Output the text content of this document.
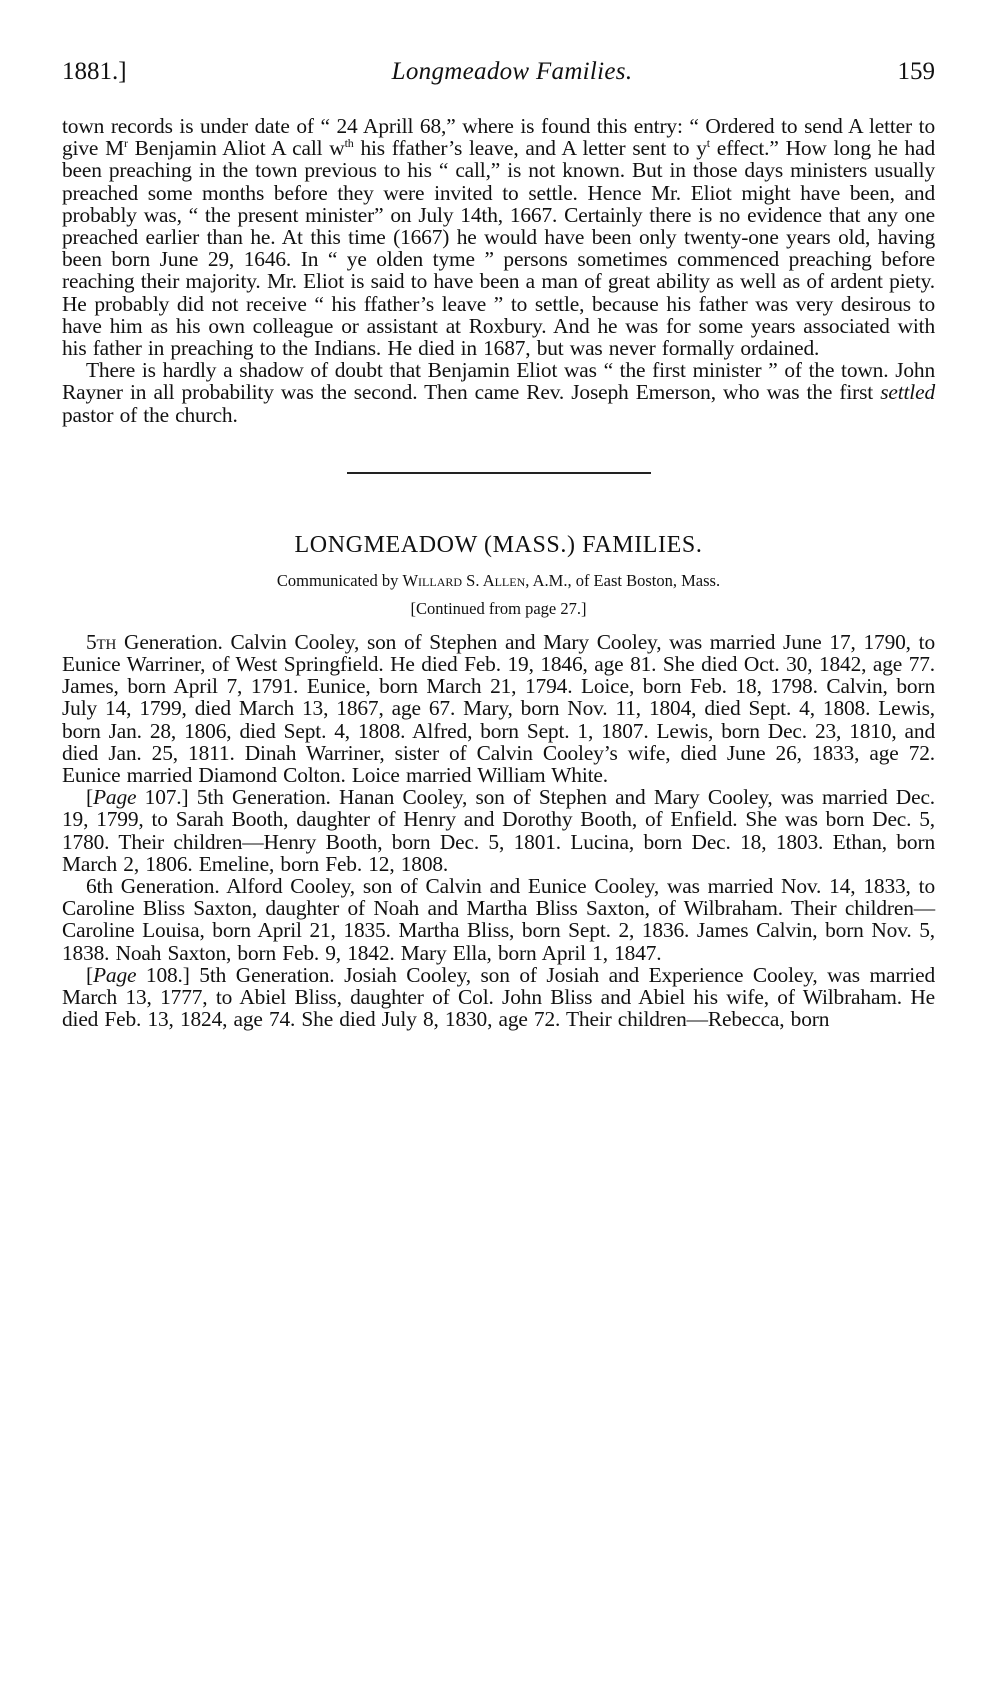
1881.]	Longmeadow Families.	159

town records is under date of “ 24 Aprill 68,” where is found this entry: “ Ordered to send A letter to give $M^r$ Benjamin Aliot A call $w^{th}$ his ffather’s leave, and A letter sent to $y^t$ effect.” How long he had been preaching in the town previous to his “ call,” is not known. But in those days ministers usually preached some months before they were invited to settle. Hence Mr. Eliot might have been, and probably was, “ the present minister” on July 14th, 1667. Certainly there is no evidence that any one preached earlier than he. At this time (1667) he would have been only twenty-one years old, having been born June 29, 1646. In “ ye olden tyme ” persons sometimes commenced preaching before reaching their majority. Mr. Eliot is said to have been a man of great ability as well as of ardent piety. He probably did not receive “ his ffather’s leave ” to settle, because his father was very desirous to have him as his own colleague or assistant at Roxbury. And he was for some years associated with his father in preaching to the Indians. He died in 1687, but was never formally ordained.

There is hardly a shadow of doubt that Benjamin Eliot was “ the first minister ” of the town. John Rayner in all probability was the second. Then came Rev. Joseph Emerson, who was the first settled pastor of the church.

LONGMEADOW (MASS.) FAMILIES.
Communicated by Willard S. Allen, A.M., of East Boston, Mass.
[Continued from page 27.]

5th Generation. Calvin Cooley, son of Stephen and Mary Cooley, was married June 17, 1790, to Eunice Warriner, of West Springfield. He died Feb. 19, 1846, age 81. She died Oct. 30, 1842, age 77. James, born April 7, 1791. Eunice, born March 21, 1794. Loice, born Feb. 18, 1798. Calvin, born July 14, 1799, died March 13, 1867, age 67. Mary, born Nov. 11, 1804, died Sept. 4, 1808. Lewis, born Jan. 28, 1806, died Sept. 4, 1808. Alfred, born Sept. 1, 1807. Lewis, born Dec. 23, 1810, and died Jan. 25, 1811. Dinah Warriner, sister of Calvin Cooley’s wife, died June 26, 1833, age 72. Eunice married Diamond Colton. Loice married William White.

[Page 107.] 5th Generation. Hanan Cooley, son of Stephen and Mary Cooley, was married Dec. 19, 1799, to Sarah Booth, daughter of Henry and Dorothy Booth, of Enfield. She was born Dec. 5, 1780. Their children—Henry Booth, born Dec. 5, 1801. Lucina, born Dec. 18, 1803. Ethan, born March 2, 1806. Emeline, born Feb. 12, 1808.

6th Generation. Alford Cooley, son of Calvin and Eunice Cooley, was married Nov. 14, 1833, to Caroline Bliss Saxton, daughter of Noah and Martha Bliss Saxton, of Wilbraham. Their children—Caroline Louisa, born April 21, 1835. Martha Bliss, born Sept. 2, 1836. James Calvin, born Nov. 5, 1838. Noah Saxton, born Feb. 9, 1842. Mary Ella, born April 1, 1847.

[Page 108.] 5th Generation. Josiah Cooley, son of Josiah and Experience Cooley, was married March 13, 1777, to Abiel Bliss, daughter of Col. John Bliss and Abiel his wife, of Wilbraham. He died Feb. 13, 1824, age 74. She died July 8, 1830, age 72. Their children—Rebecca, born
